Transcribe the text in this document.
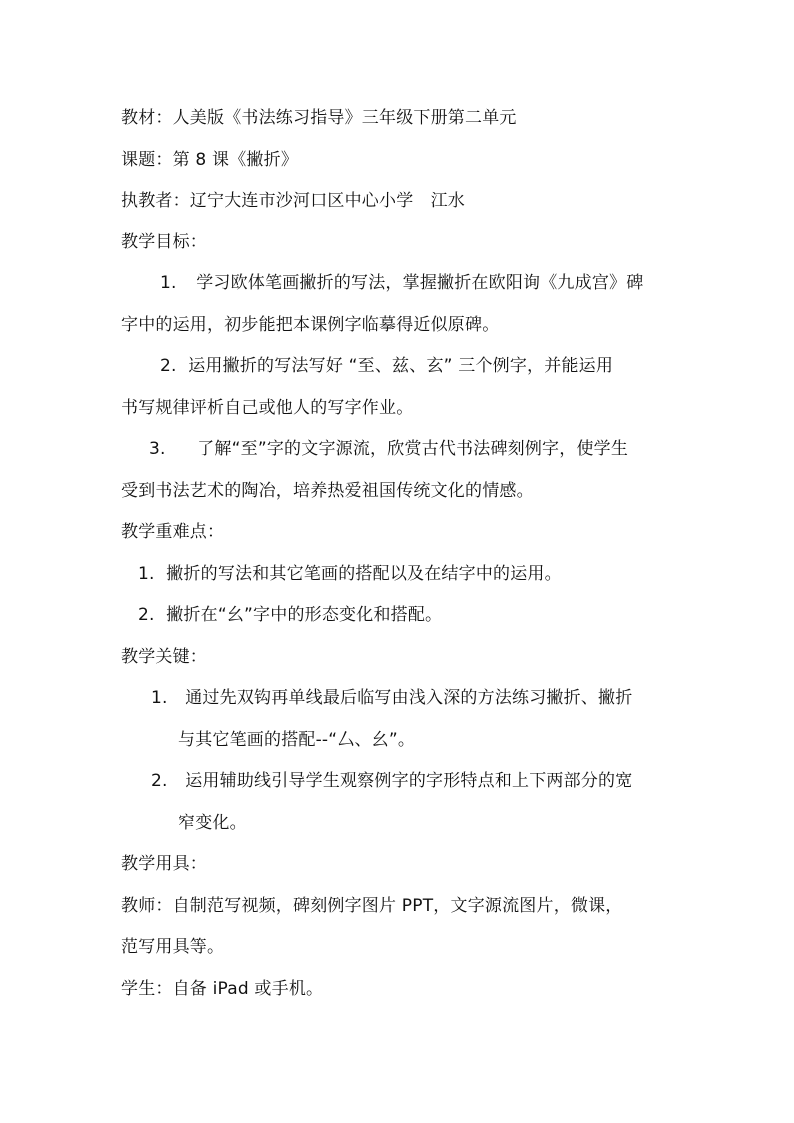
教材：人美版《书法练习指导》三年级下册第二单元
课题：第 8 课《撇折》
执教者：辽宁大连市沙河口区中心小学　江水
教学目标：
1. 学习欧体笔画撇折的写法，掌握撇折在欧阳询《九成宫》碑
字中的运用，初步能把本课例字临摹得近似原碑。
2. 运用撇折的写法写好 “至、兹、玄” 三个例字，并能运用
书写规律评析自己或他人的写字作业。
3. 了解“至”字的文字源流，欣赏古代书法碑刻例字，使学生
受到书法艺术的陶冶，培养热爱祖国传统文化的情感。
教学重难点：
1. 撇折的写法和其它笔画的搭配以及在结字中的运用。
2. 撇折在“幺”字中的形态变化和搭配。
教学关键：
1. 通过先双钩再单线最后临写由浅入深的方法练习撇折、撇折
与其它笔画的搭配--“厶、幺”。
2. 运用辅助线引导学生观察例字的字形特点和上下两部分的宽
窄变化。
教学用具：
教师：自制范写视频，碑刻例字图片 PPT，文字源流图片，微课，
范写用具等。
学生：自备 iPad 或手机。
